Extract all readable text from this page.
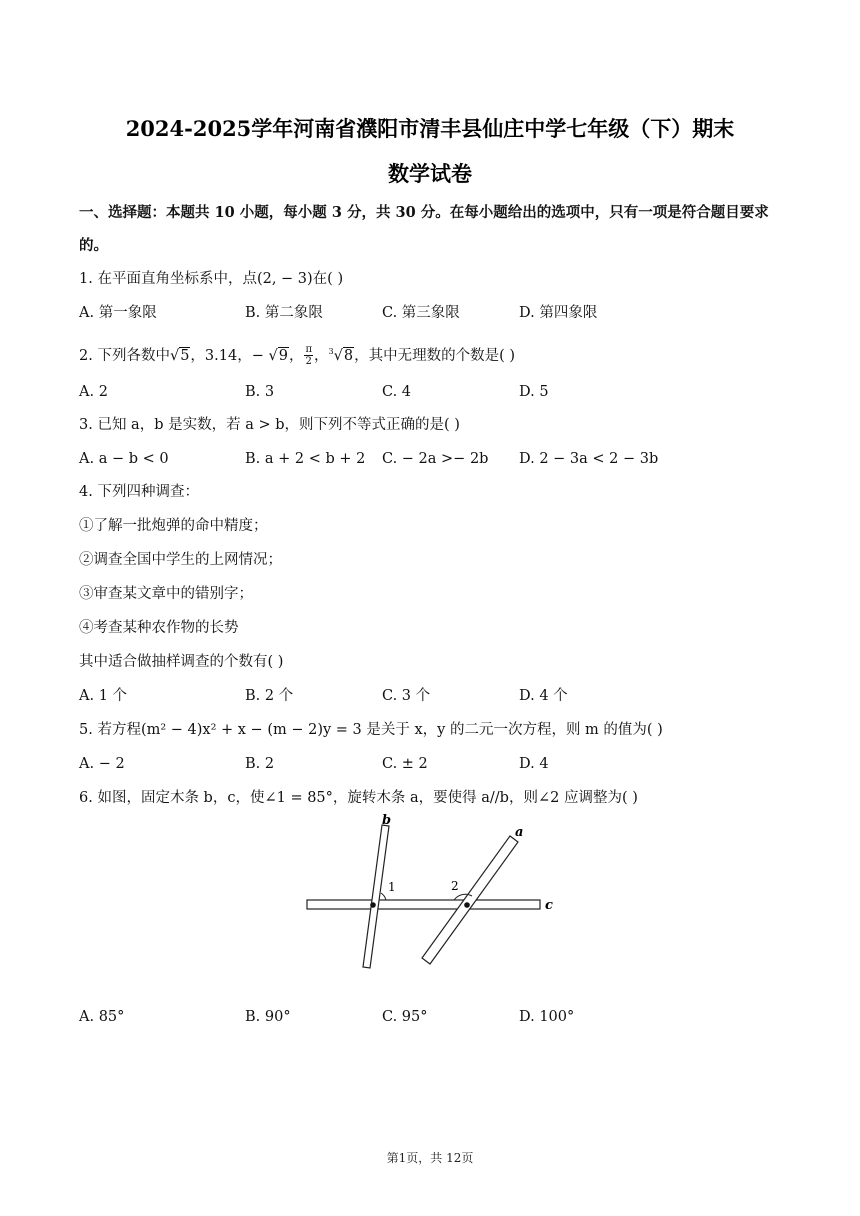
2024-2025学年河南省濮阳市清丰县仙庄中学七年级（下）期末
数学试卷
一、选择题：本题共 10 小题，每小题 3 分，共 30 分。在每小题给出的选项中，只有一项是符合题目要求
的。
1. 在平面直角坐标系中，点(2, − 3)在( )
A. 第一象限	B. 第二象限	C. 第三象限	D. 第四象限
2. 下列各数中√5，3.14，− √9， $\frac{\pi}{2}$ ，$^3$√8，其中无理数的个数是( )
A. 2	B. 3	C. 4	D. 5
3. 已知 a，b 是实数，若 a > b，则下列不等式正确的是( )
A. a − b < 0	B. a + 2 < b + 2 C. − 2a >− 2b D. 2 − 3a < 2 − 3b
4. 下列四种调查：
①了解一批炮弹的命中精度；
②调查全国中学生的上网情况；
③审查某文章中的错别字；
④考查某种农作物的长势
其中适合做抽样调查的个数有( )
A. 1 个	B. 2 个	C. 3 个	D. 4 个
5. 若方程(m² − 4)x² + x − (m − 2)y = 3 是关于 x，y 的二元一次方程，则 m 的值为( )
A. − 2	B. 2	C. ± 2	D. 4
6. 如图，固定木条 b，c，使∠1 = 85°，旋转木条 a，要使得 a//b，则∠2 应调整为( )
b
a
c
1	2
A. 85°	B. 90°	C. 95°	D. 100°
第1页，共 12页
